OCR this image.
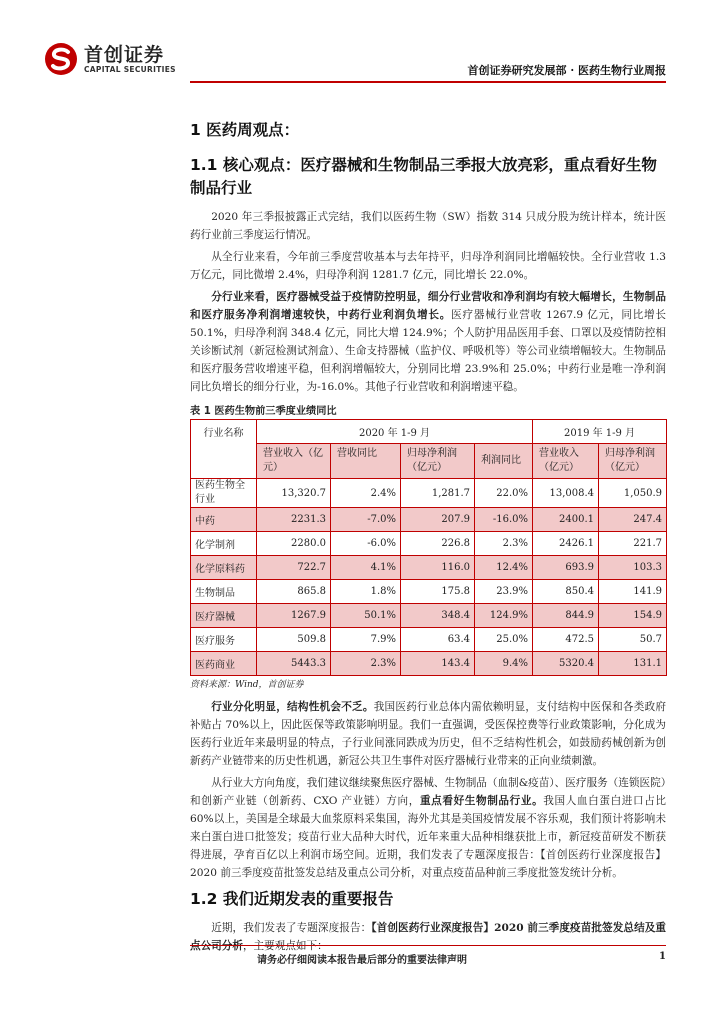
首创证券
CAPITAL SECURITIES	首创证券研究发展部 · 医药生物行业周报
1 医药周观点：
1.1 核心观点：医疗器械和生物制品三季报大放亮彩，重点看好生物制品行业

2020 年三季报披露正式完结，我们以医药生物（SW）指数 314 只成分股为统计样本，统计医药行业前三季度运行情况。

从全行业来看，今年前三季度营收基本与去年持平，归母净利润同比增幅较快。全行业营收 1.3 万亿元，同比微增 2.4%，归母净利润 1281.7 亿元，同比增长 22.0%。

分行业来看，医疗器械受益于疫情防控明显，细分行业营收和净利润均有较大幅增长，生物制品和医疗服务净利润增速较快，中药行业利润负增长。医疗器械行业营收 1267.9 亿元，同比增长 50.1%，归母净利润 348.4 亿元，同比大增 124.9%；个人防护用品医用手套、口罩以及疫情防控相关诊断试剂（新冠检测试剂盒）、生命支持器械（监护仪、呼吸机等）等公司业绩增幅较大。生物制品和医疗服务营收增速平稳，但利润增幅较大，分别同比增 23.9%和 25.0%；中药行业是唯一净利润同比负增长的细分行业，为-16.0%。其他子行业营收和利润增速平稳。

表 1 医药生物前三季度业绩同比
行业名称	2020 年 1-9 月				2019 年 1-9 月	
	营业收入（亿元）	营收同比	归母净利润（亿元）	利润同比	营业收入（亿元）	归母净利润（亿元）
医药生物全行业	13,320.7	2.4%	1,281.7	22.0%	13,008.4	1,050.9
中药	2231.3	-7.0%	207.9	-16.0%	2400.1	247.4
化学制剂	2280.0	-6.0%	226.8	2.3%	2426.1	221.7
化学原料药	722.7	4.1%	116.0	12.4%	693.9	103.3
生物制品	865.8	1.8%	175.8	23.9%	850.4	141.9
医疗器械	1267.9	50.1%	348.4	124.9%	844.9	154.9
医疗服务	509.8	7.9%	63.4	25.0%	472.5	50.7
医药商业	5443.3	2.3%	143.4	9.4%	5320.4	131.1
资料来源：Wind，首创证券

行业分化明显，结构性机会不乏。我国医药行业总体内需依赖明显，支付结构中医保和各类政府补贴占 70%以上，因此医保等政策影响明显。我们一直强调，受医保控费等行业政策影响，分化成为医药行业近年来最明显的特点，子行业间涨同跌成为历史，但不乏结构性机会，如鼓励药械创新为创新药产业链带来的历史性机遇，新冠公共卫生事件对医疗器械行业带来的正向业绩刺激。

从行业大方向角度，我们建议继续聚焦医疗器械、生物制品（血制&疫苗）、医疗服务（连锁医院）和创新产业链（创新药、CXO 产业链）方向，重点看好生物制品行业。我国人血白蛋白进口占比 60%以上，美国是全球最大血浆原料采集国，海外尤其是美国疫情发展不容乐观，我们预计将影响未来白蛋白进口批签发；疫苗行业大品种大时代，近年来重大品种相继获批上市，新冠疫苗研发不断获得进展，孕育百亿以上利润市场空间。近期，我们发表了专题深度报告：【首创医药行业深度报告】2020 前三季度疫苗批签发总结及重点公司分析，对重点疫苗品种前三季度批签发统计分析。

1.2 我们近期发表的重要报告

近期，我们发表了专题深度报告：【首创医药行业深度报告】2020 前三季度疫苗批签发总结及重点公司分析，主要观点如下：

请务必仔细阅读本报告最后部分的重要法律声明	1
